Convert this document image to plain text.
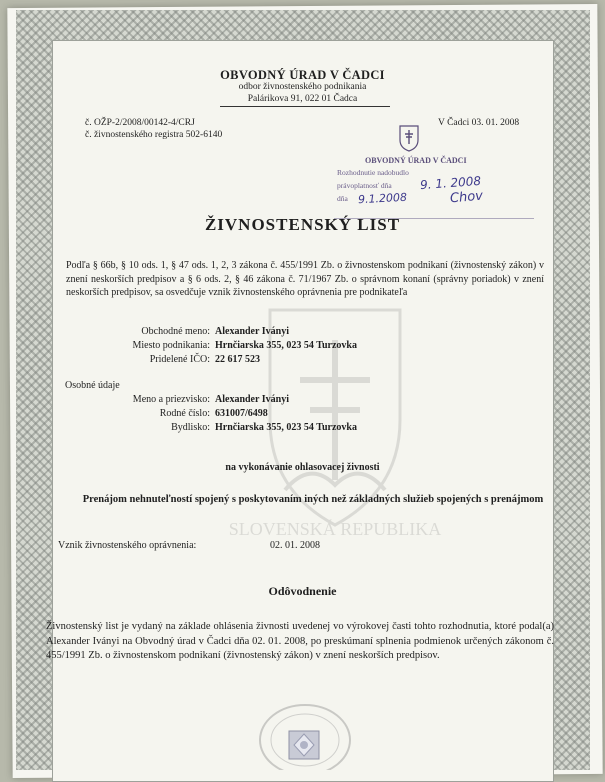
SLOVENSKÁ REPUBLIKA
OBVODNÝ ÚRAD V ČADCI
odbor živnostenského podnikania
Palárikova 91, 022 01 Čadca
č. OŽP-2/2008/00142-4/CRJ
č. živnostenského registra 502-6140
V Čadci 03. 01. 2008
OBVODNÝ ÚRAD V ČADCI
Rozhodnutie nadobudlo
právoplatnosť dňa
dňa
9. 1. 2008
9.1.2008	Chov
ŽIVNOSTENSKÝ LIST
Podľa § 66b, § 10 ods. 1, § 47 ods. 1, 2, 3 zákona č. 455/1991 Zb. o živnostenskom podnikaní (živnostenský zákon) v znení neskorších predpisov a § 6 ods. 2, § 46 zákona č. 71/1967 Zb. o správnom konaní (správny poriadok) v znení neskorších predpisov, sa osvedčuje vznik živnostenského oprávnenia pre podnikateľa
Obchodné meno: Alexander Iványi
Miesto podnikania: Hrnčiarska 355, 023 54 Turzovka
Pridelené IČO: 22 617 523
Osobné údaje
Meno a priezvisko: Alexander Iványi
Rodné číslo: 631007/6498
Bydlisko: Hrnčiarska 355, 023 54 Turzovka
na vykonávanie ohlasovacej živnosti
Prenájom nehnuteľností spojený s poskytovaním iných než základných služieb spojených s prenájmom
Vznik živnostenského oprávnenia:	02. 01. 2008
Odôvodnenie
Živnostenský list je vydaný na základe ohlásenia živnosti uvedenej vo výrokovej časti tohto rozhodnutia, ktoré podal(a) Alexander Iványi na Obvodný úrad v Čadci dňa 02. 01. 2008, po preskúmaní splnenia podmienok určených zákonom č. 455/1991 Zb. o živnostenskom podnikaní (živnostenský zákon) v znení neskorších predpisov.
